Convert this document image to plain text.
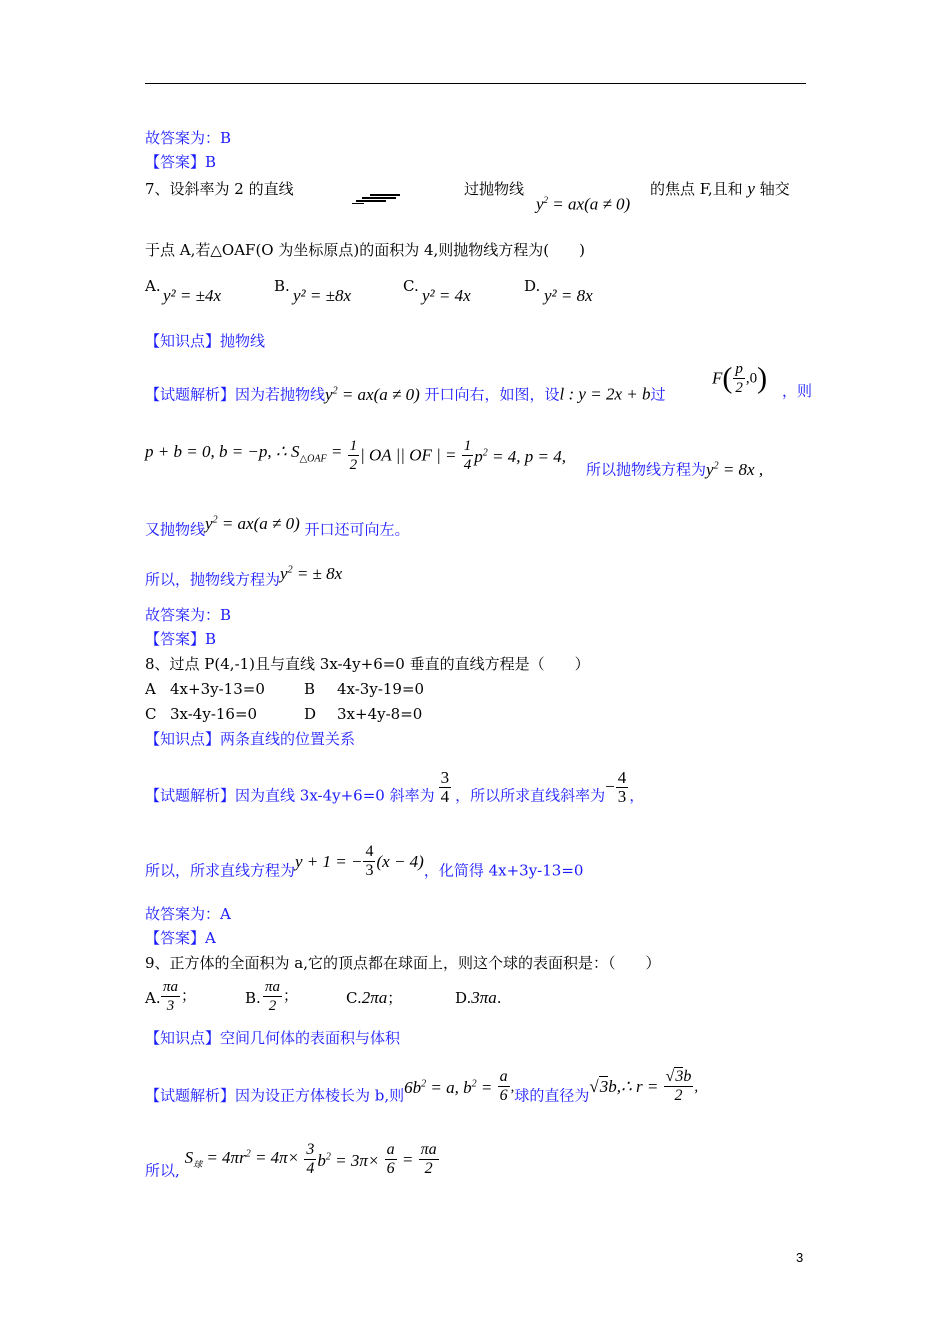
故答案为：B
【答案】B
7、设斜率为 2 的直线	过抛物线
$y^2 = ax(a \ne 0)$
的焦点 F,且和 y 轴交
于点 A,若△OAF(O 为坐标原点)的面积为 4,则抛物线方程为(　　)
A. y² = ±4x	B. y² = ±8x	C. y² = 4x	D. y² = 8x
【知识点】抛物线
【试题解析】因为若抛物线$y^2 = ax(a \ne 0)$ 开口向右，如图，设l : y = 2x + b过
$F( \frac{p}{2} ,0)$ ，则
p + b = 0, b = −p, ∴ $S_{\triangle OAF} = \frac{1}{2}$ | OA || OF | = $\frac{1}{4} p^2 = 4$, p = 4,
所以抛物线方程为$y^2 = 8x$ ,
又抛物线$y^2 = ax(a \ne 0)$ 开口还可向左。
所以，抛物线方程为$y^2$ = ± 8x
故答案为：B
【答案】B
8、过点 P(4,-1)且与直线 3x-4y+6=0 垂直的直线方程是（　　）
A 4x+3y-13=0	B 4x-3y-19=0
C 3x-4y-16=0	D 3x+4y-8=0
【知识点】两条直线的位置关系
【试题解析】因为直线 3x-4y+6=0 斜率为 $\frac{3}{4}$ ，所以所求直线斜率为− $\frac{4}{3}$ ，
所以，所求直线方程为y + 1 = − $\frac{4}{3} (x - 4)$，化简得 4x+3y-13=0
故答案为：A
【答案】A
9、正方体的全面积为 a,它的顶点都在球面上，则这个球的表面积是：（　　）
A. $\frac{\pi a}{3}$ ；	B. $\frac{\pi a}{2}$ ；	C.2πa；	D.3πa.
【知识点】空间几何体的表面积与体积
【试题解析】因为设正方体棱长为 b,则$6b^2 = a$, $b^2 = \frac{a}{6}$ ,球的直径为√3b,∴ $r = \frac{√3b}{2}$ ,
所以, $S_球 = 4\pi r^2 = 4\pi\times \frac{3}{4} b^2 = 3\pi\times \frac{a}{6} = \frac{\pi a}{2}$
3
